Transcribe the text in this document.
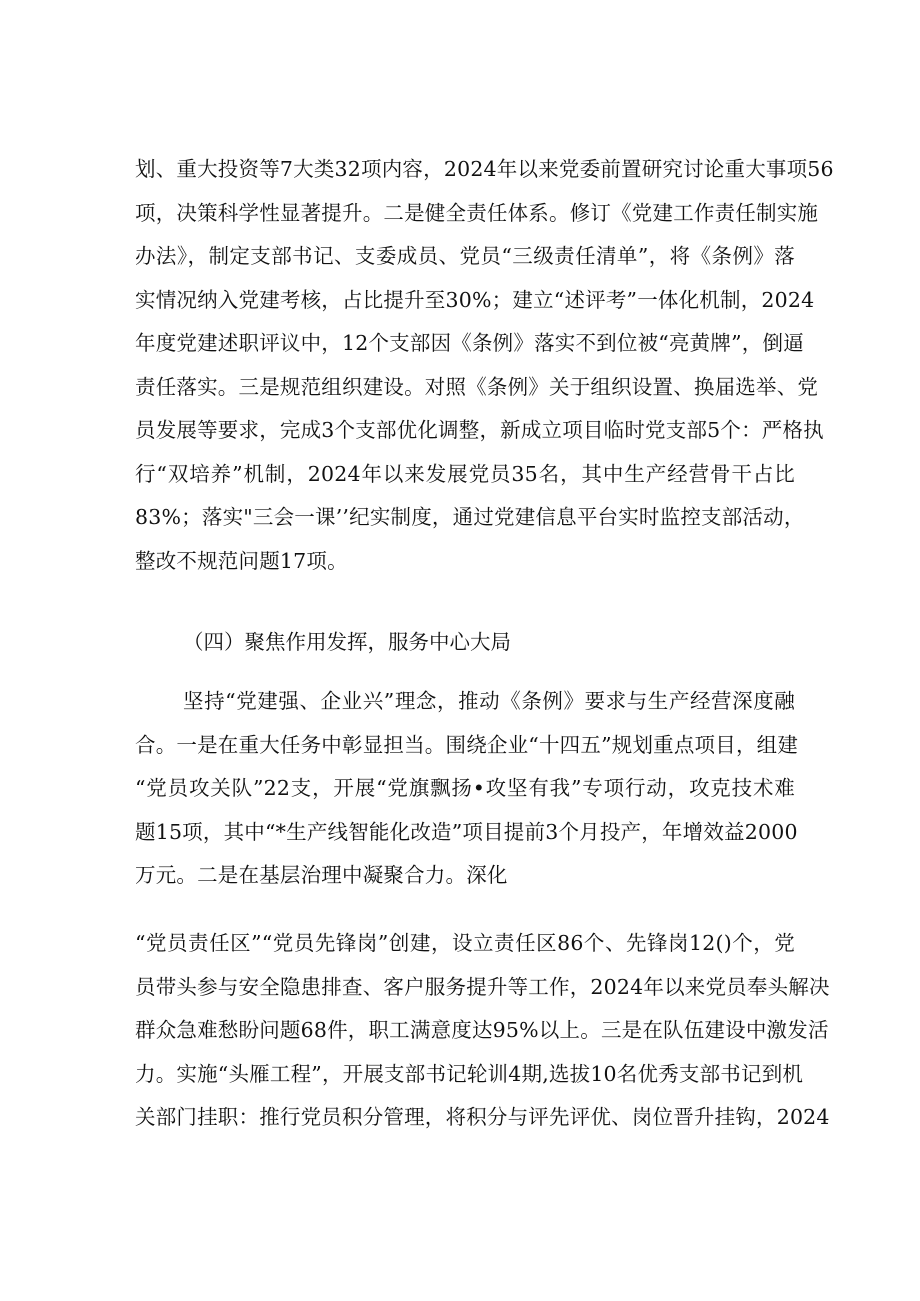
划、重大投资等7大类32项内容，2024年以来党委前置研究讨论重大事项56
项，决策科学性显著提升。二是健全责任体系。修订《党建工作责任制实施
办法》，制定支部书记、支委成员、党员“三级责任清单”，将《条例》落
实情况纳入党建考核，占比提升至30%；建立“述评考”一体化机制，2024
年度党建述职评议中，12个支部因《条例》落实不到位被“亮黄牌”，倒逼
责任落实。三是规范组织建设。对照《条例》关于组织设置、换届选举、党
员发展等要求，完成3个支部优化调整，新成立项目临时党支部5个：严格执
行“双培养”机制，2024年以来发展党员35名，其中生产经营骨干占比
83%；落实"三会一课’’纪实制度，通过党建信息平台实时监控支部活动，
整改不规范问题17项。
（四）聚焦作用发挥，服务中心大局
坚持“党建强、企业兴”理念，推动《条例》要求与生产经营深度融
合。一是在重大任务中彰显担当。围绕企业“十四五”规划重点项目，组建
“党员攻关队”22支，开展“党旗飘扬•攻坚有我”专项行动，攻克技术难
题15项，其中“*生产线智能化改造”项目提前3个月投产，年增效益2000
万元。二是在基层治理中凝聚合力。深化
“党员责任区”“党员先锋岗”创建，设立责任区86个、先锋岗12()个，党
员带头参与安全隐患排查、客户服务提升等工作，2024年以来党员奉头解决
群众急难愁盼问题68件，职工满意度达95%以上。三是在队伍建设中激发活
力。实施“头雁工程”，开展支部书记轮训4期,选拔10名优秀支部书记到机
关部门挂职：推行党员积分管理，将积分与评先评优、岗位晋升挂钩，2024
